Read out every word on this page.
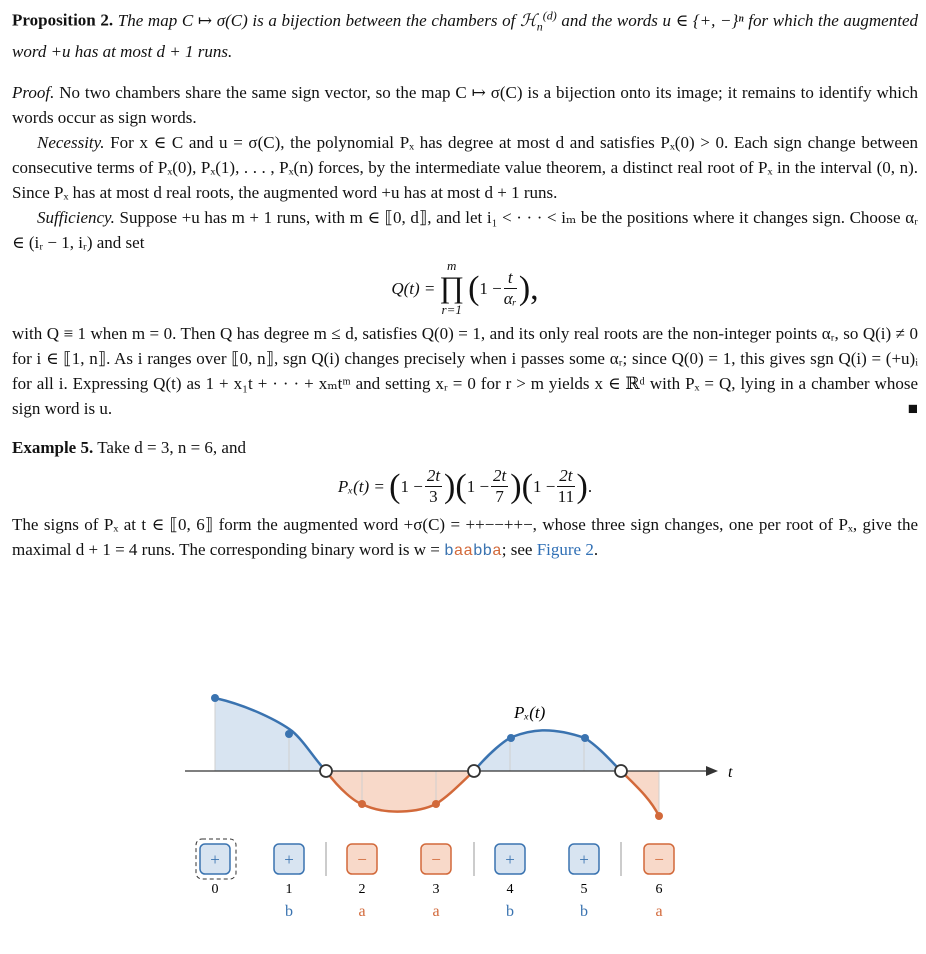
Proposition 2. The map C ↦ σ(C) is a bijection between the chambers of ℋ$_n^{(d)}$ and the words u ∈ {+, −}ⁿ for which the augmented word +u has at most d + 1 runs.

Proof. No two chambers share the same sign vector, so the map C ↦ σ(C) is a bijection onto its image; it remains to identify which words occur as sign words.

Necessity. For x ∈ C and u = σ(C), the polynomial Pₓ has degree at most d and satisfies Pₓ(0) > 0. Each sign change between consecutive terms of Pₓ(0), Pₓ(1), . . . , Pₓ(n) forces, by the intermediate value theorem, a distinct real root of Pₓ in the interval (0, n). Since Pₓ has at most d real roots, the augmented word +u has at most d + 1 runs.

Sufficiency. Suppose +u has m + 1 runs, with m ∈ ⟦0, d⟧, and let i₁ < · · · < iₘ be the positions where it changes sign. Choose αᵣ ∈ (iᵣ − 1, iᵣ) and set

Q(t) =
m
∏
r=1
( $1 - \frac{t}{\text{αᵣ}}$ ),

with Q ≡ 1 when m = 0. Then Q has degree m ≤ d, satisfies Q(0) = 1, and its only real roots are the non-integer points αᵣ, so Q(i) ≠ 0 for i ∈ ⟦1, n⟧. As i ranges over ⟦0, n⟧, sgn Q(i) changes precisely when i passes some αᵣ; since Q(0) = 1, this gives sgn Q(i) = (+u)ᵢ for all i. Expressing Q(t) as 1 + x₁t + · · · + xₘtᵐ and setting xᵣ = 0 for r > m yields x ∈ ℝᵈ with Pₓ = Q, lying in a chamber whose sign word is u.	■

Example 5. Take d = 3, n = 6, and

Pₓ(t) =
( $1 - \frac{2t}{3}$ ) ( $1 - \frac{2t}{7}$ ) ( $1 - \frac{2t}{11}$ ) .

The signs of Pₓ at t ∈ ⟦0, 6⟧ form the augmented word +σ(C) = ++−−++−, whose three sign changes, one per root of Pₓ, give the maximal d + 1 = 4 runs. The corresponding binary word is w = baabba; see Figure 2.

t
Pₓ(t)
+
0
+
1
b
−
2
a
−
3
a
+
4
b
+
5
b
−
6
a
